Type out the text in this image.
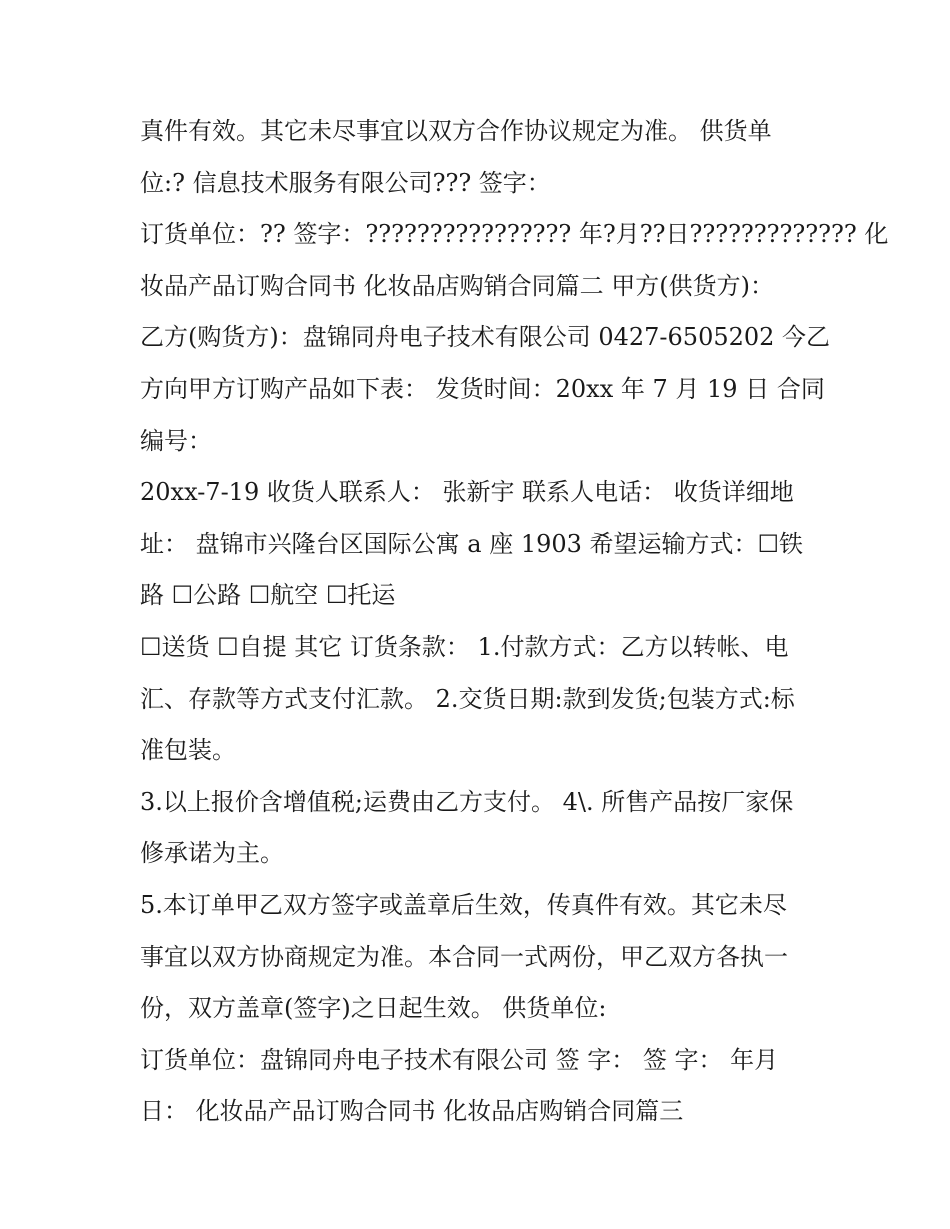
真件有效。其它未尽事宜以双方合作协议规定为准。 供货单
位:? 信息技术服务有限公司??? 签字：
订货单位：?? 签字：???????????????? 年?月??日????????????? 化
妆品产品订购合同书 化妆品店购销合同篇二 甲方(供货方)：
乙方(购货方)：盘锦同舟电子技术有限公司 0427-6505202 今乙
方向甲方订购产品如下表： 发货时间：20xx 年 7 月 19 日 合同
编号：
20xx-7-19 收货人联系人： 张新宇 联系人电话： 收货详细地
址： 盘锦市兴隆台区国际公寓 a 座 1903 希望运输方式：☐铁
路 ☐公路 ☐航空 ☐托运
☐送货 ☐自提 其它 订货条款： 1.付款方式：乙方以转帐、电
汇、存款等方式支付汇款。 2.交货日期:款到发货;包装方式:标
准包装。
3.以上报价含增值税;运费由乙方支付。 4\. 所售产品按厂家保
修承诺为主。
5.本订单甲乙双方签字或盖章后生效，传真件有效。其它未尽
事宜以双方协商规定为准。本合同一式两份，甲乙双方各执一
份，双方盖章(签字)之日起生效。 供货单位:
订货单位：盘锦同舟电子技术有限公司 签 字： 签 字： 年月
日： 化妆品产品订购合同书 化妆品店购销合同篇三
